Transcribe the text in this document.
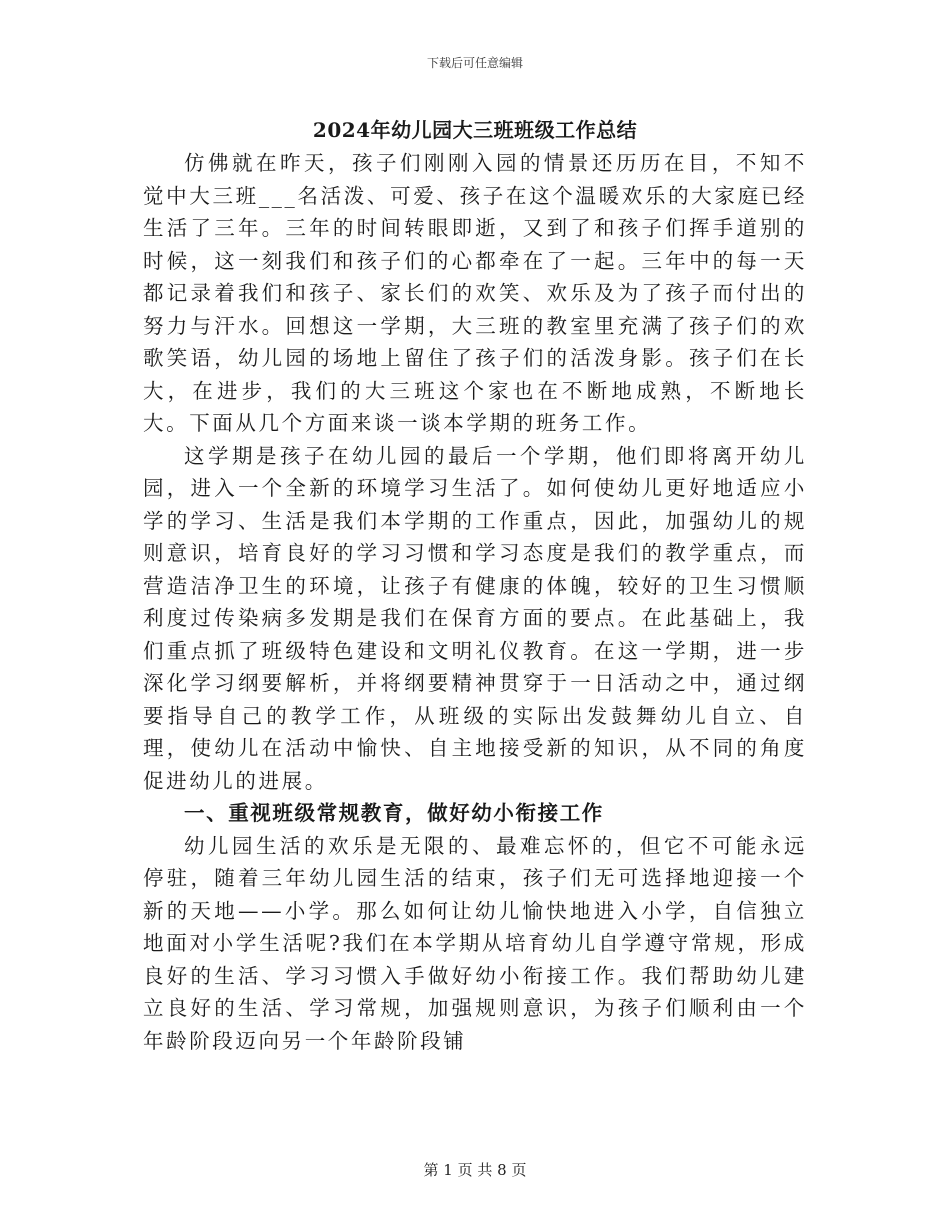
下载后可任意编辑
2024年幼儿园大三班班级工作总结

仿佛就在昨天，孩子们刚刚入园的情景还历历在目，不知不觉中大三班___名活泼、可爱、孩子在这个温暖欢乐的大家庭已经生活了三年。三年的时间转眼即逝，又到了和孩子们挥手道别的时候，这一刻我们和孩子们的心都牵在了一起。三年中的每一天都记录着我们和孩子、家长们的欢笑、欢乐及为了孩子而付出的努力与汗水。回想这一学期，大三班的教室里充满了孩子们的欢歌笑语，幼儿园的场地上留住了孩子们的活泼身影。孩子们在长大，在进步，我们的大三班这个家也在不断地成熟，不断地长大。下面从几个方面来谈一谈本学期的班务工作。

这学期是孩子在幼儿园的最后一个学期，他们即将离开幼儿园，进入一个全新的环境学习生活了。如何使幼儿更好地适应小学的学习、生活是我们本学期的工作重点，因此，加强幼儿的规则意识，培育良好的学习习惯和学习态度是我们的教学重点，而营造洁净卫生的环境，让孩子有健康的体魄，较好的卫生习惯顺利度过传染病多发期是我们在保育方面的要点。在此基础上，我们重点抓了班级特色建设和文明礼仪教育。在这一学期，进一步深化学习纲要解析，并将纲要精神贯穿于一日活动之中，通过纲要指导自己的教学工作，从班级的实际出发鼓舞幼儿自立、自理，使幼儿在活动中愉快、自主地接受新的知识，从不同的角度促进幼儿的进展。

一、重视班级常规教育，做好幼小衔接工作

幼儿园生活的欢乐是无限的、最难忘怀的，但它不可能永远停驻，随着三年幼儿园生活的结束，孩子们无可选择地迎接一个新的天地——小学。那么如何让幼儿愉快地进入小学，自信独立地面对小学生活呢?我们在本学期从培育幼儿自学遵守常规，形成良好的生活、学习习惯入手做好幼小衔接工作。我们帮助幼儿建立良好的生活、学习常规，加强规则意识，为孩子们顺利由一个年龄阶段迈向另一个年龄阶段铺

第 1 页 共 8 页
